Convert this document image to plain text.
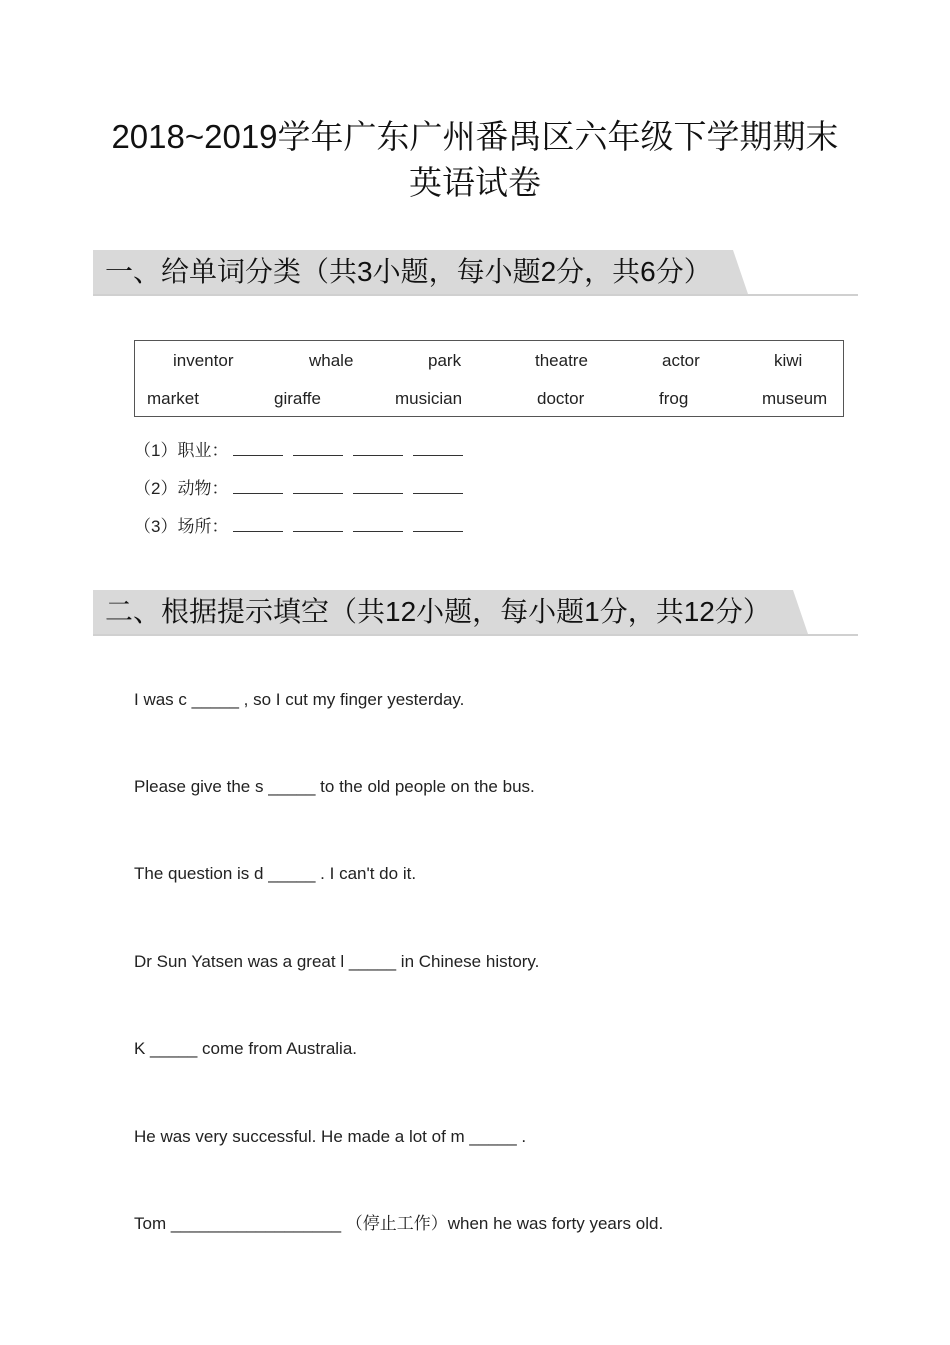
2018~2019学年广东广州番禺区六年级下学期期末
英语试卷
一、给单词分类（共3小题，每小题2分，共6分）
inventor	whale	park	theatre	actor	kiwi
market	giraffe	musician	doctor	frog	museum
（1）职业：
（2）动物：
（3）场所：
二、根据提示填空（共12小题，每小题1分，共12分）
I was c _____ , so I cut my finger yesterday.
Please give the s _____ to the old people on the bus.
The question is d _____ . I can't do it.
Dr Sun Yatsen was a great l _____ in Chinese history.
K _____ come from Australia.
He was very successful. He made a lot of m _____ .
Tom __________________ （停止工作）when he was forty years old.
